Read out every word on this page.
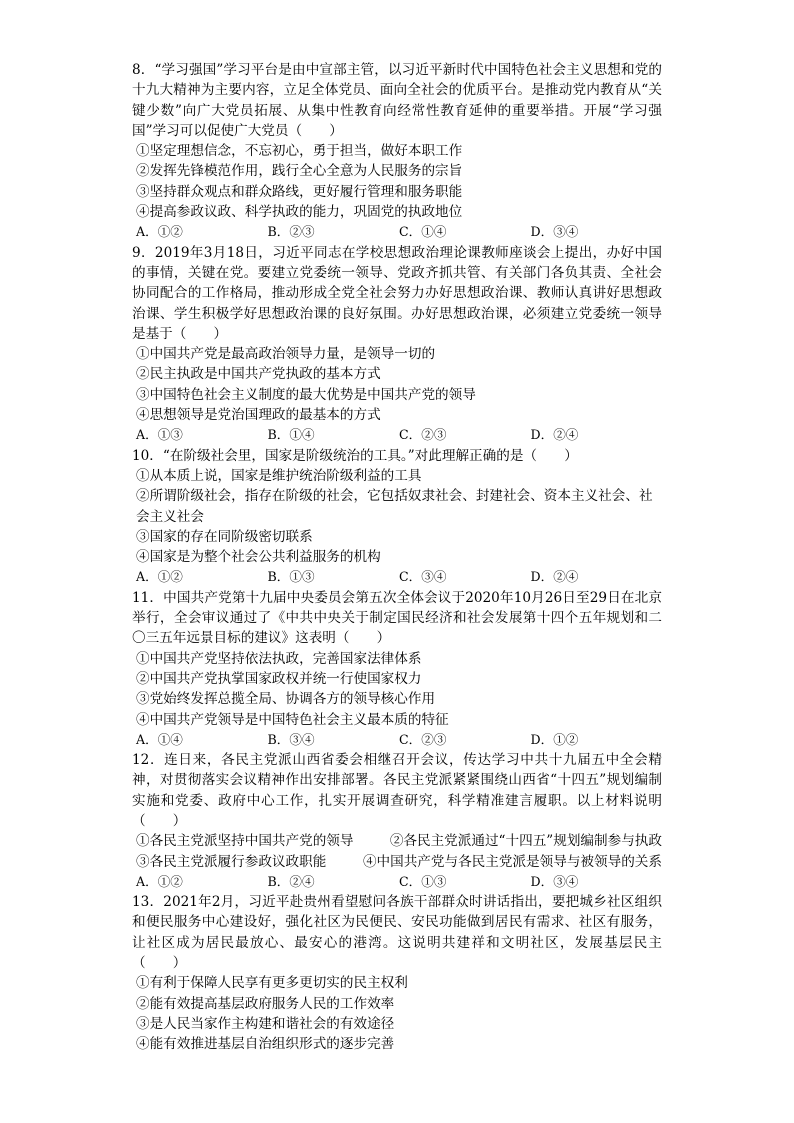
8．“学习强国”学习平台是由中宣部主管，以习近平新时代中国特色社会主义思想和党的十九大精神为主要内容，立足全体党员、面向全社会的优质平台。是推动党内教育从“关键少数”向广大党员拓展、从集中性教育向经常性教育延伸的重要举措。开展“学习强国”学习可以促使广大党员（　　）

①坚定理想信念，不忘初心，勇于担当，做好本职工作

②发挥先锋模范作用，践行全心全意为人民服务的宗旨

③坚持群众观点和群众路线，更好履行管理和服务职能

④提高参政议政、科学执政的能力，巩固党的执政地位

A．①②	B．②③	C．①④	D．③④

9．2019年3月18日，习近平同志在学校思想政治理论课教师座谈会上提出，办好中国的事情，关键在党。要建立党委统一领导、党政齐抓共管、有关部门各负其责、全社会协同配合的工作格局，推动形成全党全社会努力办好思想政治课、教师认真讲好思想政治课、学生积极学好思想政治课的良好氛围。办好思想政治课，必须建立党委统一领导是基于（　　）

①中国共产党是最高政治领导力量，是领导一切的

②民主执政是中国共产党执政的基本方式

③中国特色社会主义制度的最大优势是中国共产党的领导

④思想领导是党治国理政的最基本的方式

A．①③	B．①④	C．②③	D．②④

10．“在阶级社会里，国家是阶级统治的工具。”对此理解正确的是（　　）

①从本质上说，国家是维护统治阶级利益的工具

②所谓阶级社会，指存在阶级的社会，它包括奴隶社会、封建社会、资本主义社会、社会主义社会

③国家的存在同阶级密切联系

④国家是为整个社会公共利益服务的机构

A．①②	B．①③	C．③④	D．②④

11．中国共产党第十九届中央委员会第五次全体会议于2020年10月26日至29日在北京举行，全会审议通过了《中共中央关于制定国民经济和社会发展第十四个五年规划和二〇三五年远景目标的建议》这表明（　　）

①中国共产党坚持依法执政，完善国家法律体系

②中国共产党执掌国家政权并统一行使国家权力

③党始终发挥总揽全局、协调各方的领导核心作用

④中国共产党领导是中国特色社会主义最本质的特征

A．①④	B．③④	C．②③	D．①②

12．连日来，各民主党派山西省委会相继召开会议，传达学习中共十九届五中全会精神，对贯彻落实会议精神作出安排部署。各民主党派紧紧围绕山西省“十四五”规划编制实施和党委、政府中心工作，扎实开展调查研究，科学精准建言履职。以上材料说明（　　）

①各民主党派坚持中国共产党的领导	②各民主党派通过“十四五”规划编制参与执政
③各民主党派履行参政议政职能	④中国共产党与各民主党派是领导与被领导的关系
A．①②	B．②④	C．①③	D．③④

13．2021年2月，习近平赴贵州看望慰问各族干部群众时讲话指出，要把城乡社区组织和便民服务中心建设好，强化社区为民便民、安民功能做到居民有需求、社区有服务，让社区成为居民最放心、最安心的港湾。这说明共建祥和文明社区，发展基层民主（　　）

①有利于保障人民享有更多更切实的民主权利

②能有效提高基层政府服务人民的工作效率

③是人民当家作主构建和谐社会的有效途径

④能有效推进基层自治组织形式的逐步完善
